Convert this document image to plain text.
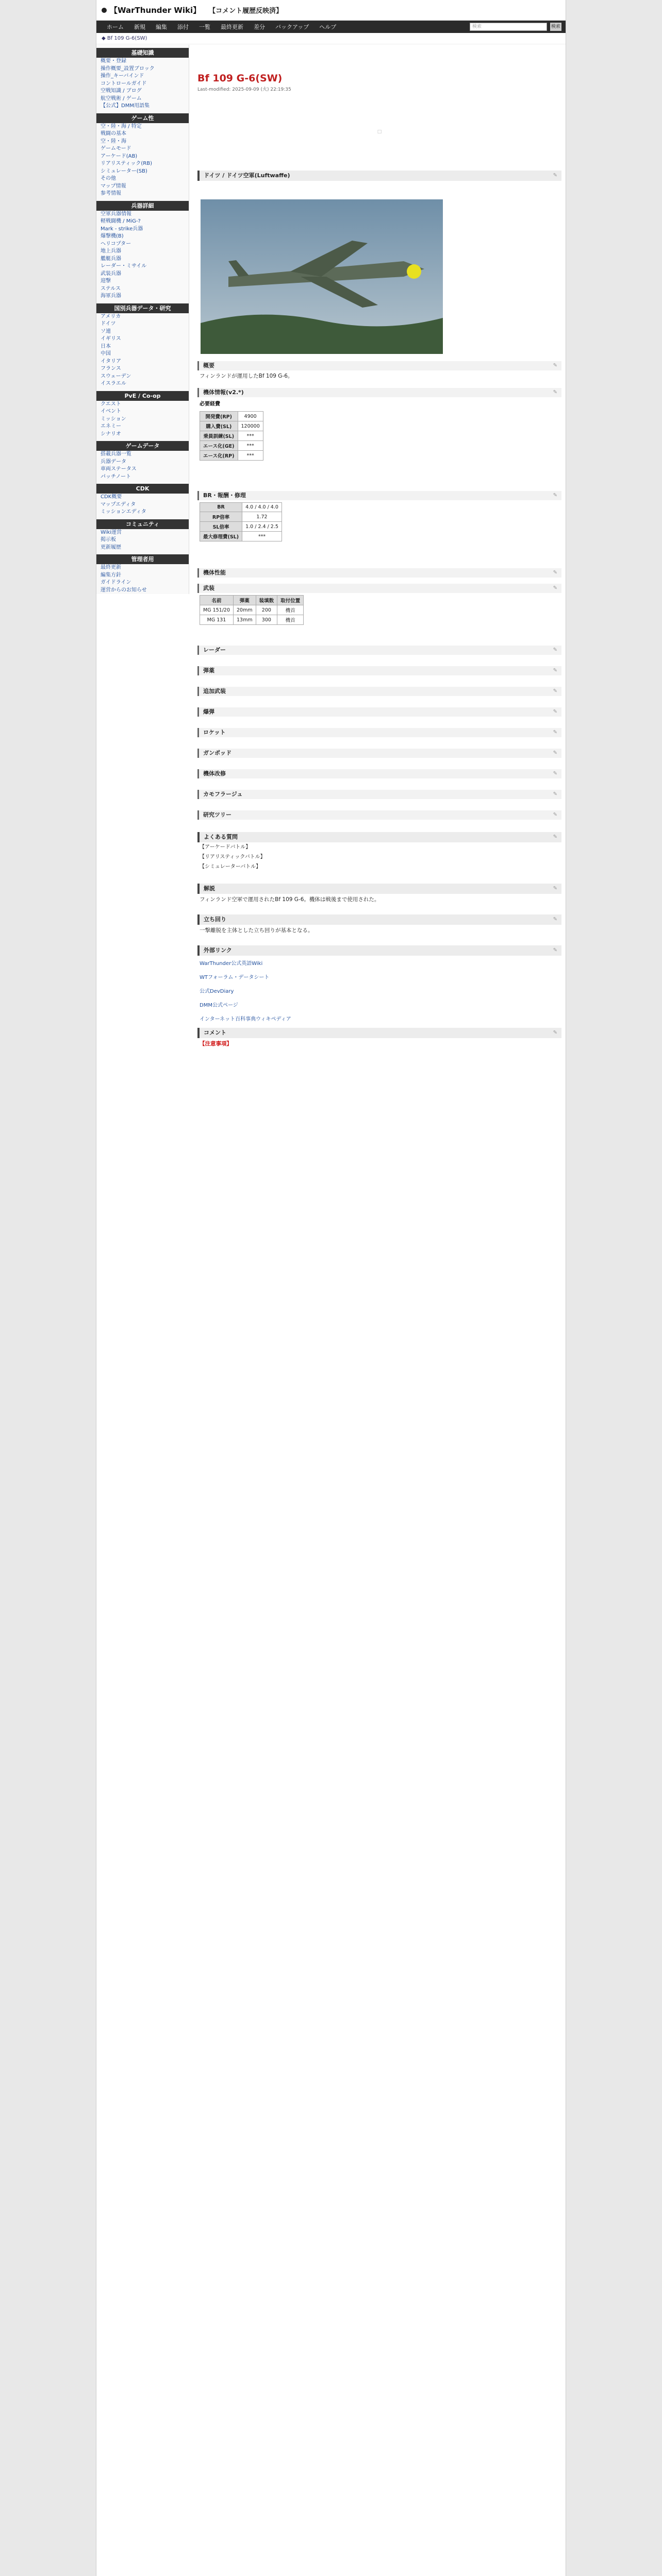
【WarThunder Wiki】 【コメント履歴反映済】
ホーム	新規	編集	添付	一覧	最終更新	差分	バックアップ	ヘルプ	検索	検索
◆ Bf 109 G-6(SW)
基礎知識
概要・登録
操作概要_設置ブロック
操作_キーバインド
コントロールガイド
空戦知識 / ブログ
航空戦術 / ゲーム
【公式】DMM用語集
ゲーム性
空・陸・海 / 特定
戦闘の基本
空・陸・海
ゲームモード
アーケード(AB)
リアリスティック(RB)
シミュレーター(SB)
その他
マップ情報
参考情報
兵器詳細
空軍兵器情報
軽戦闘機 / MiG-?
Mark - strike兵器
爆撃機(B)
ヘリコプター
地上兵器
艦艇兵器
レーダー・ミサイル
武装兵器
迎撃
ステルス
海軍兵器
国別兵器データ・研究
アメリカ
ドイツ
ソ連
イギリス
日本
中国
イタリア
フランス
スウェーデン
イスラエル
PvE / Co-op
クエスト
イベント
ミッション
エネミー
シナリオ
ゲームデータ
搭載兵器一覧
兵器データ
車両ステータス
パッチノート
CDK
CDK概要
マップエディタ
ミッションエディタ
コミュニティ
Wiki運営
掲示板
更新履歴
管理者用
最終更新
編集方針
ガイドライン
運営からのお知らせ
Bf 109 G-6(SW)
Last-modified: 2025-09-09 (火) 22:19:35
□
ドイツ / ドイツ空軍(Luftwaffe)	✎
概要	✎
フィンランドが運用したBf 109 G-6。
機体情報(v2.*)	✎
必要経費
開発費(RP)	4900
購入費(SL)	120000
乗員訓練(SL)	***
エース化(GE)	***
エース化(RP)	***
BR・報酬・修理	✎
BR	4.0 / 4.0 / 4.0
RP倍率	1.72
SL倍率	1.0 / 2.4 / 2.5
最大修理費(SL)	***
機体性能	✎
武装	✎
名前	弾薬	装填数	取付位置
MG 151/20	20mm	200	機首
MG 131	13mm	300	機首
レーダー	✎
弾薬	✎
追加武装	✎
爆弾	✎
ロケット	✎
ガンポッド	✎
機体改修	✎
カモフラージュ	✎
研究ツリー	✎
よくある質問	✎
【アーケードバトル】
【リアリスティックバトル】
【シミュレーターバトル】
解説	✎
フィンランド空軍で運用されたBf 109 G-6。機体は戦後まで使用された。
立ち回り	✎
一撃離脱を主体とした立ち回りが基本となる。
外部リンク	✎
WarThunder公式英語Wiki
WTフォーラム・データシート
公式DevDiary
DMM公式ページ
インターネット百科事典ウィキペディア
コメント	✎
【注意事項】
